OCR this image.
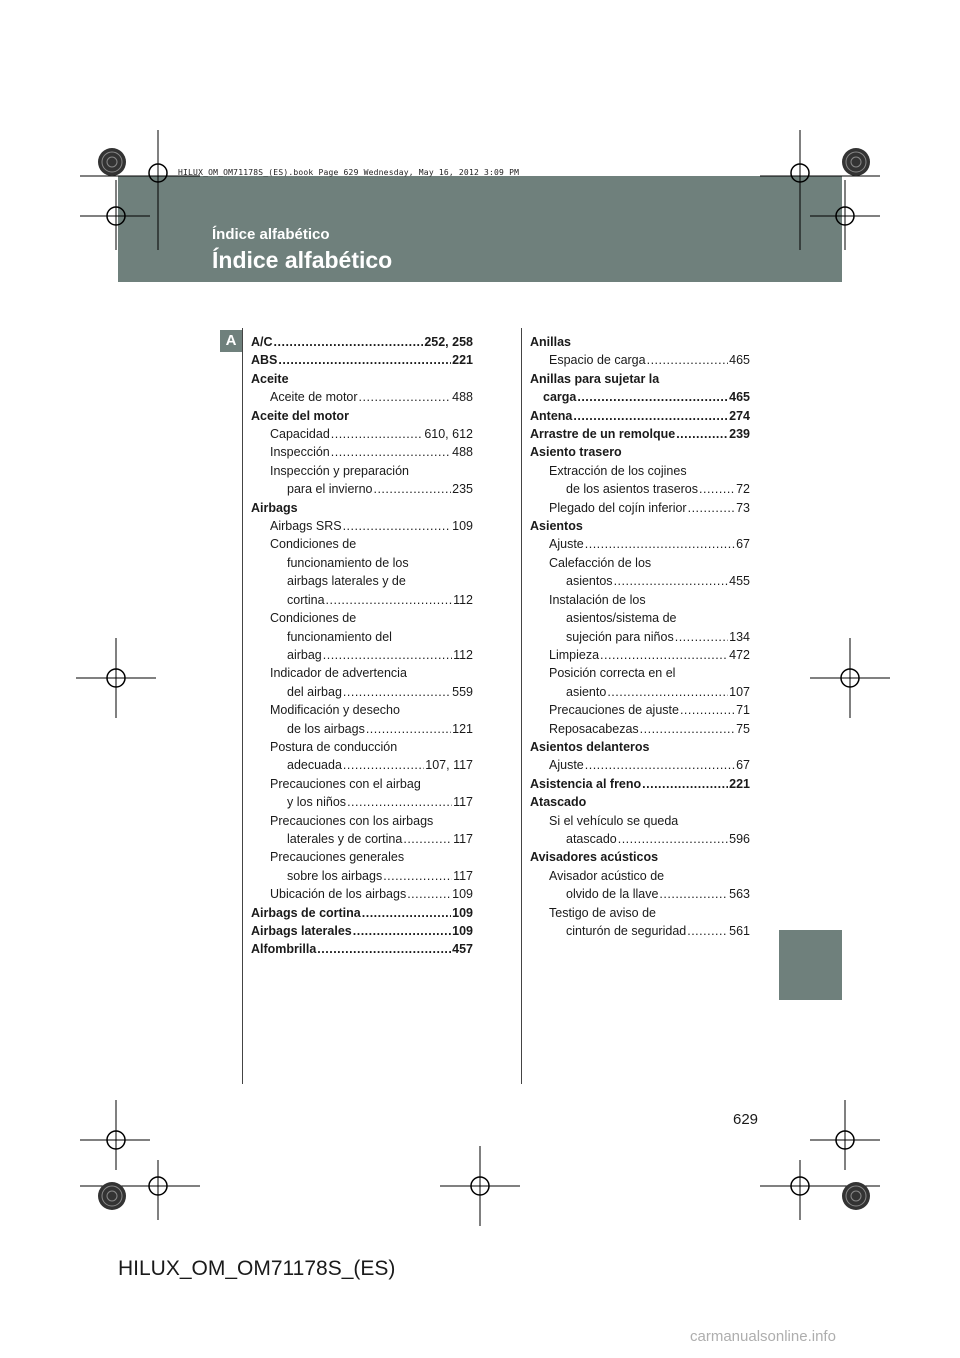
HILUX_OM_OM71178S_(ES).book Page 629 Wednesday, May 16, 2012 3:09 PM
Índice alfabético
Índice alfabético
A	A/C .....	252, 258
ABS .....	221
Aceite
Aceite de motor .....	488
Aceite del motor
Capacidad .....	610, 612
Inspección .....	488
Inspección y preparación
para el invierno .....	235
Airbags
Airbags SRS .....	109
Condiciones de
funcionamiento de los
airbags laterales y de
cortina .....	112
Condiciones de
funcionamiento del
airbag .....	112
Indicador de advertencia
del airbag .....	559
Modificación y desecho
de los airbags .....	121
Postura de conducción
adecuada .....	107, 117
Precauciones con el airbag
y los niños .....	117
Precauciones con los airbags
laterales y de cortina .....	117
Precauciones generales
sobre los airbags .....	117
Ubicación de los airbags .....	109
Airbags de cortina .....	109
Airbags laterales .....	109
Alfombrilla .....	457
Anillas
Espacio de carga .....	465
Anillas para sujetar la
carga .....	465
Antena .....	274
Arrastre de un remolque .....	239
Asiento trasero
Extracción de los cojines
de los asientos traseros .....	72
Plegado del cojín inferior .....	73
Asientos
Ajuste .....	67
Calefacción de los
asientos .....	455
Instalación de los
asientos/sistema de
sujeción para niños .....	134
Limpieza .....	472
Posición correcta en el
asiento .....	107
Precauciones de ajuste .....	71
Reposacabezas .....	75
Asientos delanteros
Ajuste .....	67
Asistencia al freno .....	221
Atascado
Si el vehículo se queda
atascado .....	596
Avisadores acústicos
Avisador acústico de
olvido de la llave .....	563
Testigo de aviso de
cinturón de seguridad .....	561
629
HILUX_OM_OM71178S_(ES)
carmanualsonline.info
